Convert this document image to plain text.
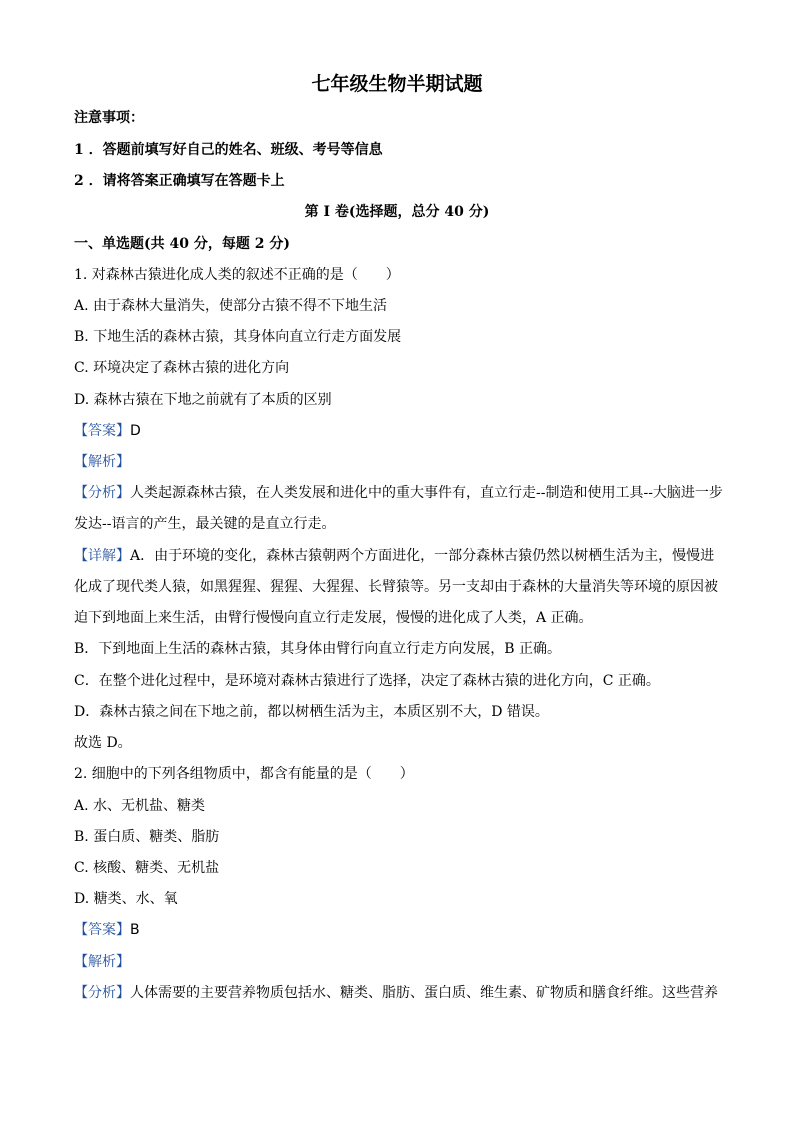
七年级生物半期试题
注意事项：
1 ．答题前填写好自己的姓名、班级、考号等信息
2 ．请将答案正确填写在答题卡上
第 I 卷(选择题，总分 40 分)
一、单选题(共 40 分，每题 2 分)
1. 对森林古猿进化成人类的叙述不正确的是（　　）
A. 由于森林大量消失，使部分古猿不得不下地生活
B. 下地生活的森林古猿，其身体向直立行走方面发展
C. 环境决定了森林古猿的进化方向
D. 森林古猿在下地之前就有了本质的区别
【答案】D
【解析】
【分析】人类起源森林古猿，在人类发展和进化中的重大事件有，直立行走--制造和使用工具--大脑进一步
发达--语言的产生，最关键的是直立行走。
【详解】A．由于环境的变化，森林古猿朝两个方面进化，一部分森林古猿仍然以树栖生活为主，慢慢进
化成了现代类人猿，如黑猩猩、猩猩、大猩猩、长臂猿等。另一支却由于森林的大量消失等环境的原因被
迫下到地面上来生活，由臂行慢慢向直立行走发展，慢慢的进化成了人类，A 正确。
B．下到地面上生活的森林古猿，其身体由臂行向直立行走方向发展，B 正确。
C．在整个进化过程中，是环境对森林古猿进行了选择，决定了森林古猿的进化方向，C 正确。
D．森林古猿之间在下地之前，都以树栖生活为主，本质区别不大，D 错误。
故选 D。
2. 细胞中的下列各组物质中，都含有能量的是（　　）
A. 水、无机盐、糖类
B. 蛋白质、糖类、脂肪
C. 核酸、糖类、无机盐
D. 糖类、水、氧
【答案】B
【解析】
【分析】人体需要的主要营养物质包括水、糖类、脂肪、蛋白质、维生素、矿物质和膳食纤维。这些营养
